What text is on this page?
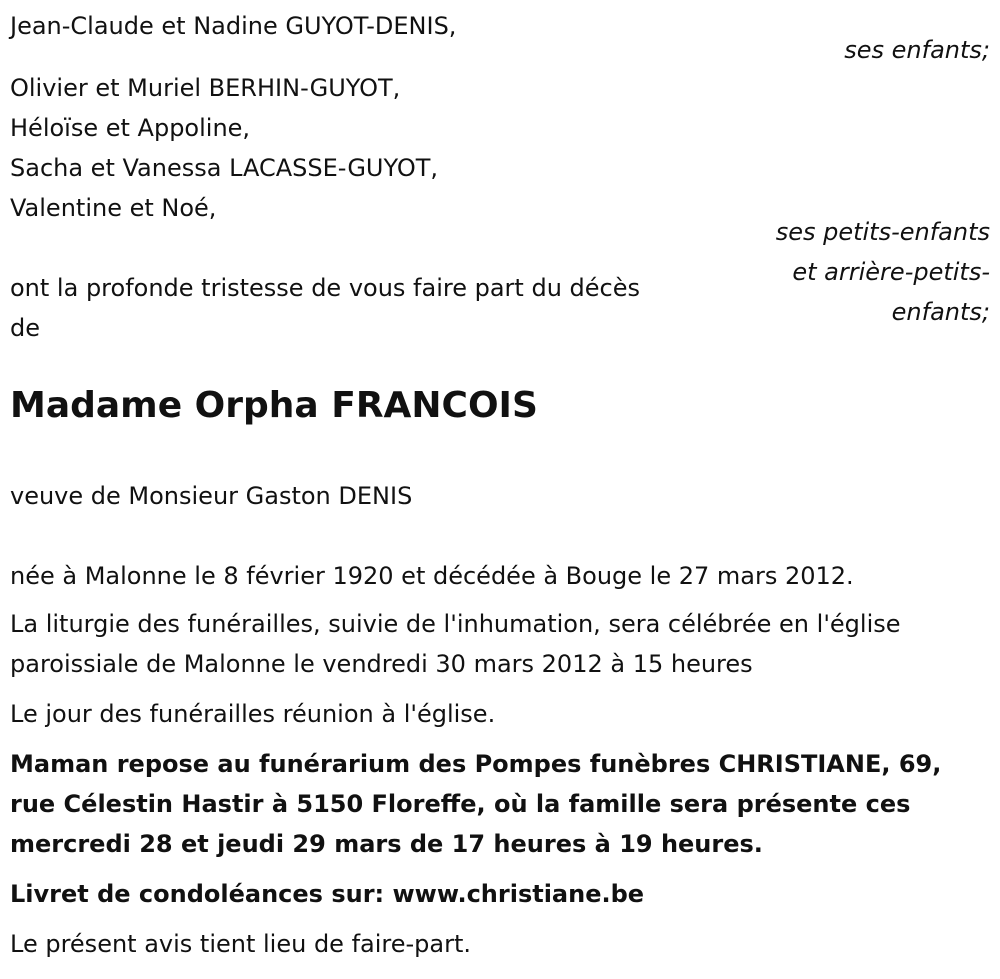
Jean-Claude et Nadine GUYOT-DENIS,
ses enfants;
Olivier et Muriel BERHIN-GUYOT,
Héloïse et Appoline,
Sacha et Vanessa LACASSE-GUYOT,
Valentine et Noé,
ses petits-enfants
et arrière-petits-
enfants;
ont la profonde tristesse de vous faire part du décès
de
Madame Orpha FRANCOIS
veuve de Monsieur Gaston DENIS
née à Malonne le 8 février 1920 et décédée à Bouge le 27 mars 2012.
La liturgie des funérailles, suivie de l'inhumation, sera célébrée en l'église
paroissiale de Malonne le vendredi 30 mars 2012 à 15 heures
Le jour des funérailles réunion à l'église.
Maman repose au funérarium des Pompes funèbres CHRISTIANE, 69,
rue Célestin Hastir à 5150 Floreffe, où la famille sera présente ces
mercredi 28 et jeudi 29 mars de 17 heures à 19 heures.
Livret de condoléances sur: www.christiane.be
Le présent avis tient lieu de faire-part.
